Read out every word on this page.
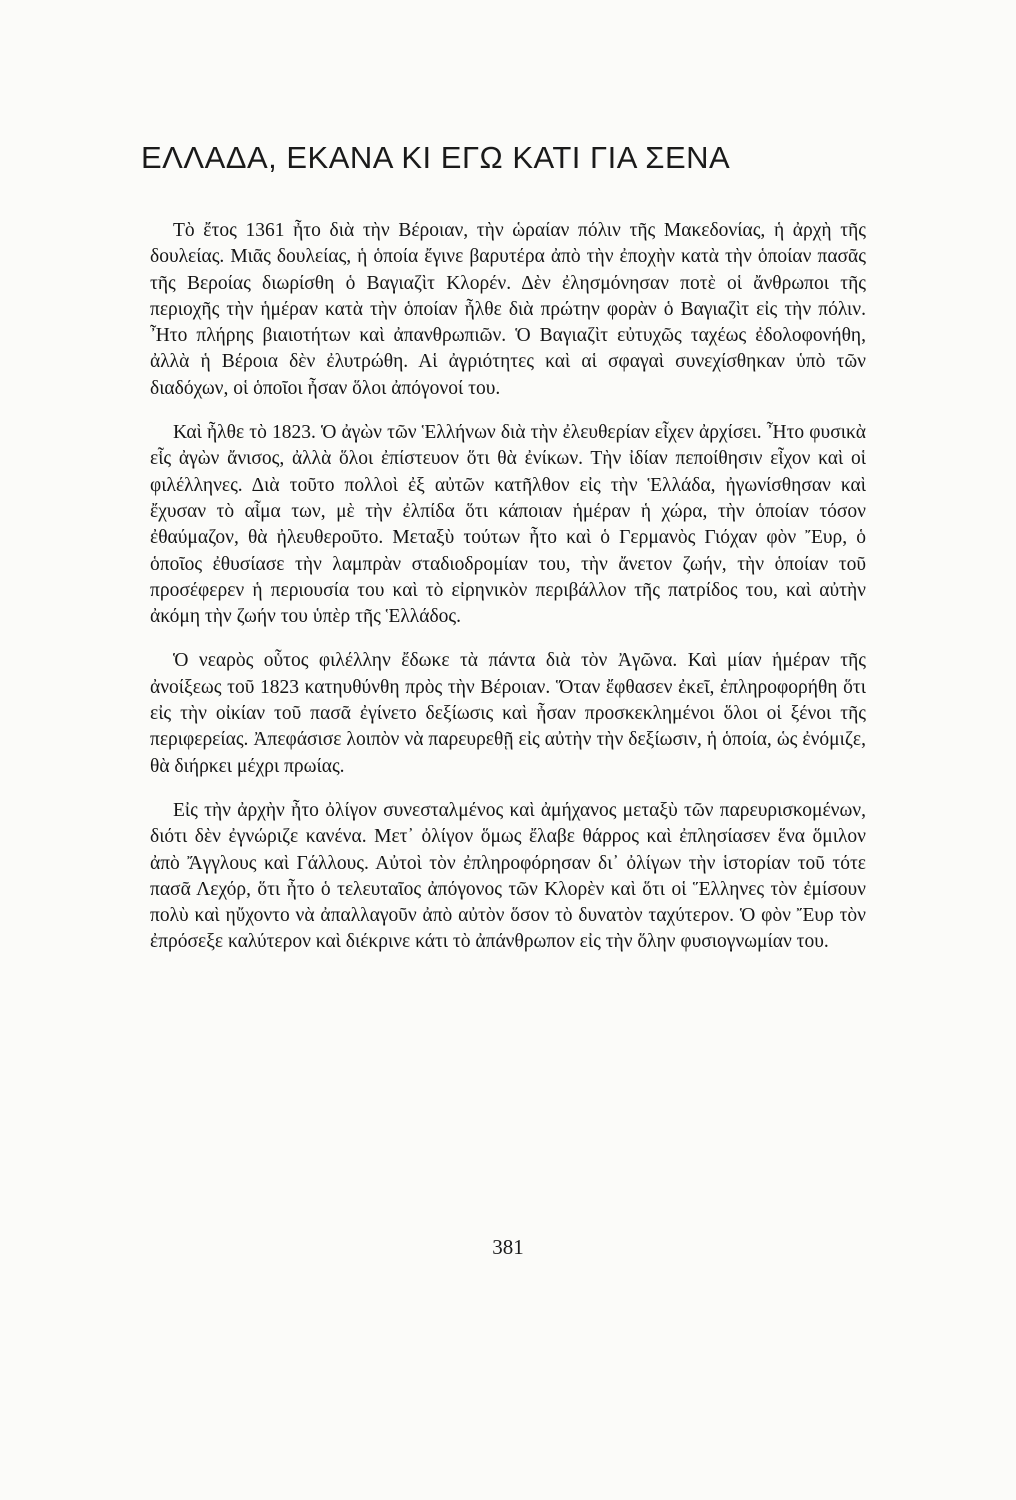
ΕΛΛΑΔΑ, ΕΚΑΝΑ ΚΙ ΕΓΩ ΚΑΤΙ ΓΙΑ ΣΕΝΑ

Τὸ ἔτος 1361 ἦτο διὰ τὴν Βέροιαν, τὴν ὡραίαν πόλιν τῆς Μακεδονίας, ἡ ἀρχὴ τῆς δουλείας. Μιᾶς δουλείας, ἡ ὁποία ἔγινε βαρυτέρα ἀπὸ τὴν ἐποχὴν κατὰ τὴν ὁποίαν πασᾶς τῆς Βεροίας διωρίσθη ὁ Βαγιαζὶτ Κλορέν. Δὲν ἐλησμόνησαν ποτὲ οἱ ἄνθρωποι τῆς περιοχῆς τὴν ἡμέραν κατὰ τὴν ὁποίαν ἦλθε διὰ πρώτην φορὰν ὁ Βαγιαζὶτ εἰς τὴν πόλιν. Ἦτο πλήρης βιαιοτήτων καὶ ἀπανθρωπιῶν. Ὁ Βαγιαζὶτ εὐτυχῶς ταχέως ἐδολοφονήθη, ἀλλὰ ἡ Βέροια δὲν ἐλυτρώθη. Αἱ ἀγριότητες καὶ αἱ σφαγαὶ συνεχίσθηκαν ὑπὸ τῶν διαδόχων, οἱ ὁποῖοι ἦσαν ὅλοι ἀπόγονοί του.

Καὶ ἦλθε τὸ 1823. Ὁ ἀγὼν τῶν Ἑλλήνων διὰ τὴν ἐλευθερίαν εἶχεν ἀρχίσει. Ἦτο φυσικὰ εἷς ἀγὼν ἄνισος, ἀλλὰ ὅλοι ἐπίστευον ὅτι θὰ ἐνίκων. Τὴν ἰδίαν πεποίθησιν εἶχον καὶ οἱ φιλέλληνες. Διὰ τοῦτο πολλοὶ ἐξ αὐτῶν κατῆλθον εἰς τὴν Ἑλλάδα, ἠγωνίσθησαν καὶ ἔχυσαν τὸ αἷμα των, μὲ τὴν ἐλπίδα ὅτι κάποιαν ἡμέραν ἡ χώρα, τὴν ὁποίαν τόσον ἐθαύμαζον, θὰ ἠλευθεροῦτο. Μεταξὺ τούτων ἦτο καὶ ὁ Γερμανὸς Γιόχαν φὸν Ἔυρ, ὁ ὁποῖος ἐθυσίασε τὴν λαμπρὰν σταδιοδρομίαν του, τὴν ἄνετον ζωήν, τὴν ὁποίαν τοῦ προσέφερεν ἡ περιουσία του καὶ τὸ εἰρηνικὸν περιβάλλον τῆς πατρίδος του, καὶ αὐτὴν ἀκόμη τὴν ζωήν του ὑπὲρ τῆς Ἑλλάδος.

Ὁ νεαρὸς οὗτος φιλέλλην ἔδωκε τὰ πάντα διὰ τὸν Ἀγῶνα. Καὶ μίαν ἡμέραν τῆς ἀνοίξεως τοῦ 1823 κατηυθύνθη πρὸς τὴν Βέροιαν. Ὅταν ἔφθασεν ἐκεῖ, ἐπληροφορήθη ὅτι εἰς τὴν οἰκίαν τοῦ πασᾶ ἐγίνετο δεξίωσις καὶ ἦσαν προσκεκλημένοι ὅλοι οἱ ξένοι τῆς περιφερείας. Ἀπεφάσισε λοιπὸν νὰ παρευρεθῇ εἰς αὐτὴν τὴν δεξίωσιν, ἡ ὁποία, ὡς ἐνόμιζε, θὰ διήρκει μέχρι πρωίας.

Εἰς τὴν ἀρχὴν ἦτο ὀλίγον συνεσταλμένος καὶ ἀμήχανος μεταξὺ τῶν παρευρισκομένων, διότι δὲν ἐγνώριζε κανένα. Μετ᾽ ὀλίγον ὅμως ἔλαβε θάρρος καὶ ἐπλησίασεν ἕνα ὅμιλον ἀπὸ Ἄγγλους καὶ Γάλλους. Αὐτοὶ τὸν ἐπληροφόρησαν δι᾽ ὀλίγων τὴν ἱστορίαν τοῦ τότε πασᾶ Λεχόρ, ὅτι ἦτο ὁ τελευταῖος ἀπόγονος τῶν Κλορὲν καὶ ὅτι οἱ Ἕλληνες τὸν ἐμίσουν πολὺ καὶ ηὔχοντο νὰ ἀπαλλαγοῦν ἀπὸ αὐτὸν ὅσον τὸ δυνατὸν ταχύτερον. Ὁ φὸν Ἔυρ τὸν ἐπρόσεξε καλύτερον καὶ διέκρινε κάτι τὸ ἀπάνθρωπον εἰς τὴν ὅλην φυσιογνωμίαν του.

381
